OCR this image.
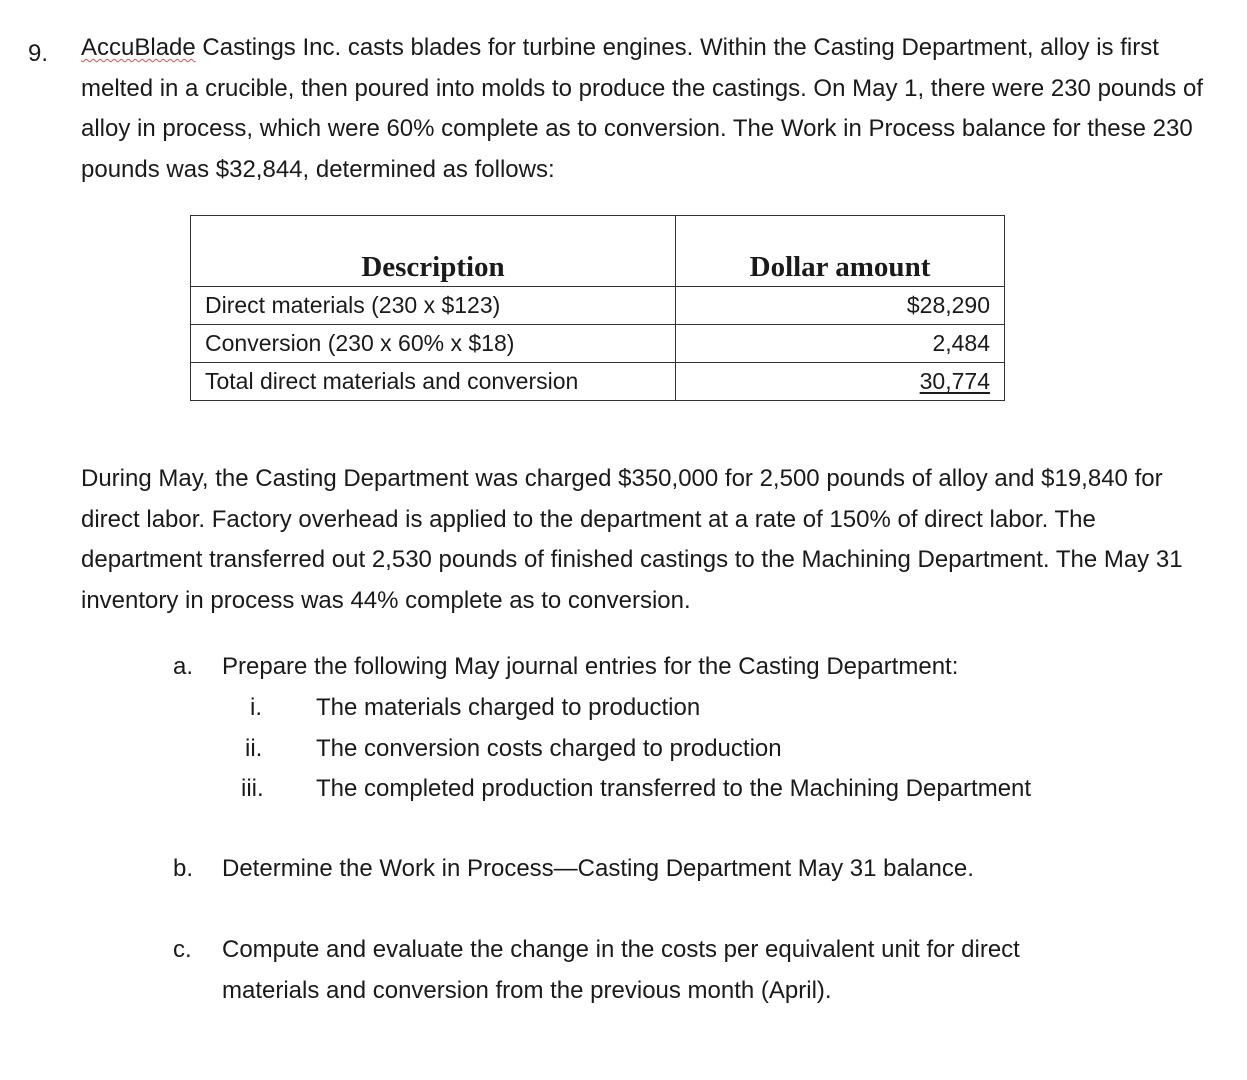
9. AccuBlade Castings Inc. casts blades for turbine engines. Within the Casting Department, alloy is first melted in a crucible, then poured into molds to produce the castings. On May 1, there were 230 pounds of alloy in process, which were 60% complete as to conversion. The Work in Process balance for these 230 pounds was $32,844, determined as follows:

Description	Dollar amount
Direct materials (230 x $123)	$28,290
Conversion (230 x 60% x $18)	2,484
Total direct materials and conversion	30,774

During May, the Casting Department was charged $350,000 for 2,500 pounds of alloy and $19,840 for direct labor. Factory overhead is applied to the department at a rate of 150% of direct labor. The department transferred out 2,530 pounds of finished castings to the Machining Department. The May 31 inventory in process was 44% complete as to conversion.

a. Prepare the following May journal entries for the Casting Department:
i. The materials charged to production
ii. The conversion costs charged to production
iii. The completed production transferred to the Machining Department
b. Determine the Work in Process—Casting Department May 31 balance.
c. Compute and evaluate the change in the costs per equivalent unit for direct
materials and conversion from the previous month (April).
